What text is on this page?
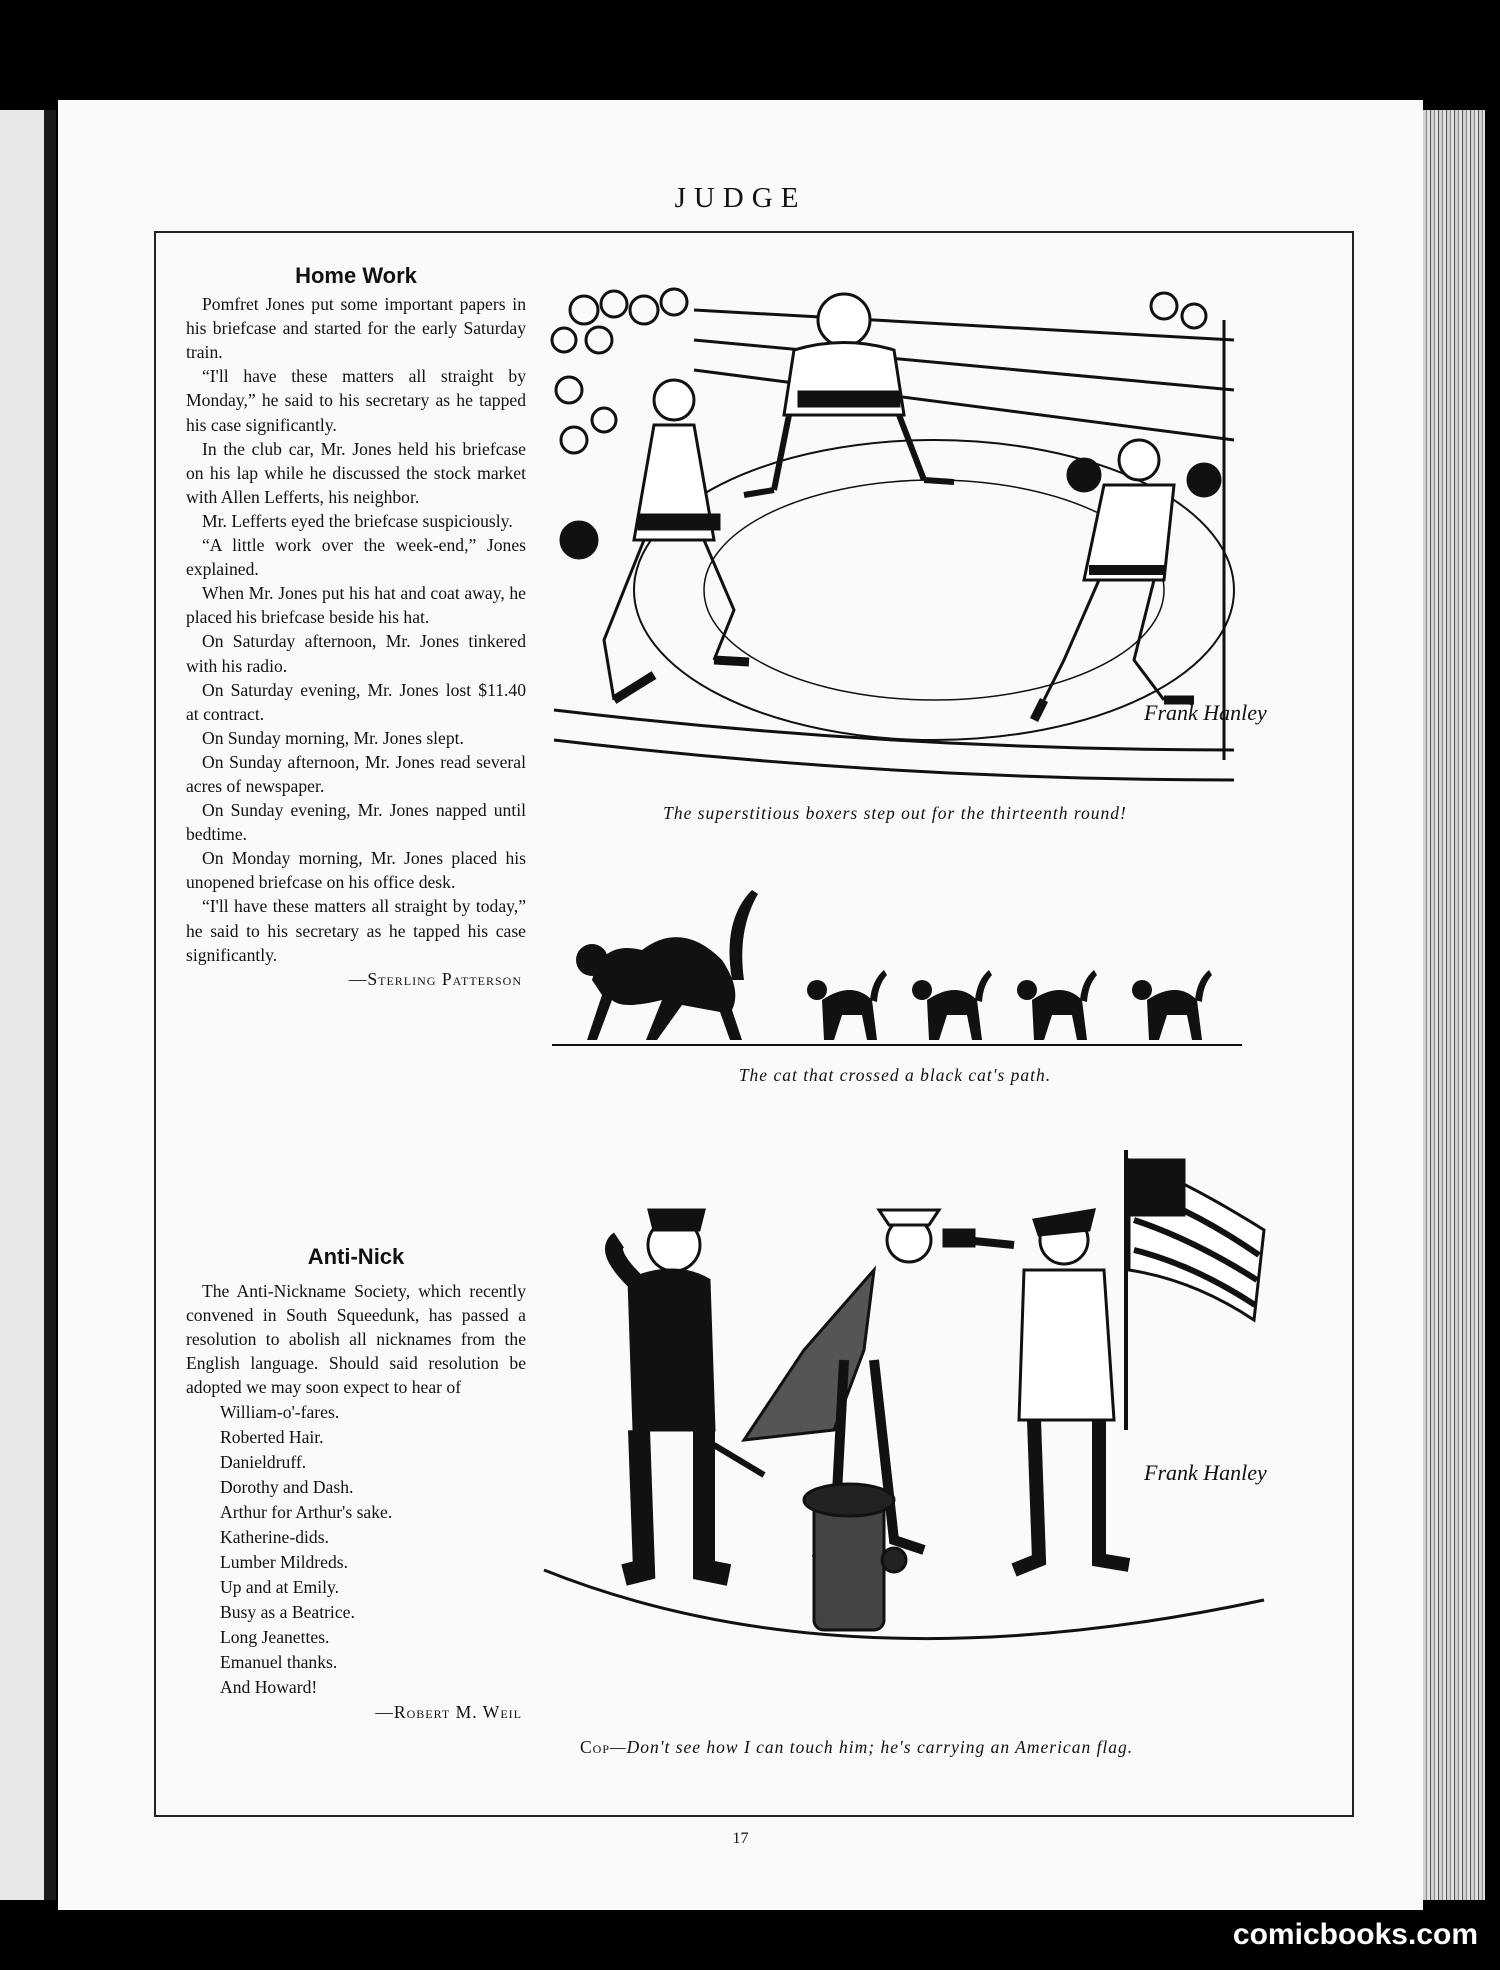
JUDGE
Home Work

Pomfret Jones put some important papers in his briefcase and started for the early Saturday train.

“I'll have these matters all straight by Monday,” he said to his secretary as he tapped his case significantly.

In the club car, Mr. Jones held his briefcase on his lap while he discussed the stock market with Allen Lefferts, his neighbor.

Mr. Lefferts eyed the briefcase suspiciously.

“A little work over the week-end,” Jones explained.

When Mr. Jones put his hat and coat away, he placed his briefcase beside his hat.

On Saturday afternoon, Mr. Jones tinkered with his radio.

On Saturday evening, Mr. Jones lost $11.40 at contract.

On Sunday morning, Mr. Jones slept.

On Sunday afternoon, Mr. Jones read several acres of newspaper.

On Sunday evening, Mr. Jones napped until bedtime.

On Monday morning, Mr. Jones placed his unopened briefcase on his office desk.

“I'll have these matters all straight by today,” he said to his secretary as he tapped his case significantly.

—Sterling Patterson
Anti-Nick

The Anti-Nickname Society, which recently convened in South Squeedunk, has passed a resolution to abolish all nicknames from the English language. Should said resolution be adopted we may soon expect to hear of

William-o'-fares.
Roberted Hair.
Danieldruff.
Dorothy and Dash.
Arthur for Arthur's sake.
Katherine-dids.
Lumber Mildreds.
Up and at Emily.
Busy as a Beatrice.
Long Jeanettes.
Emanuel thanks.
And Howard!
—Robert M. Weil
Frank Hanley
The superstitious boxers step out for the thirteenth round!
The cat that crossed a black cat's path.
Frank Hanley
Cop—Don't see how I can touch him; he's carrying an American flag.
17
comicbooks.com
